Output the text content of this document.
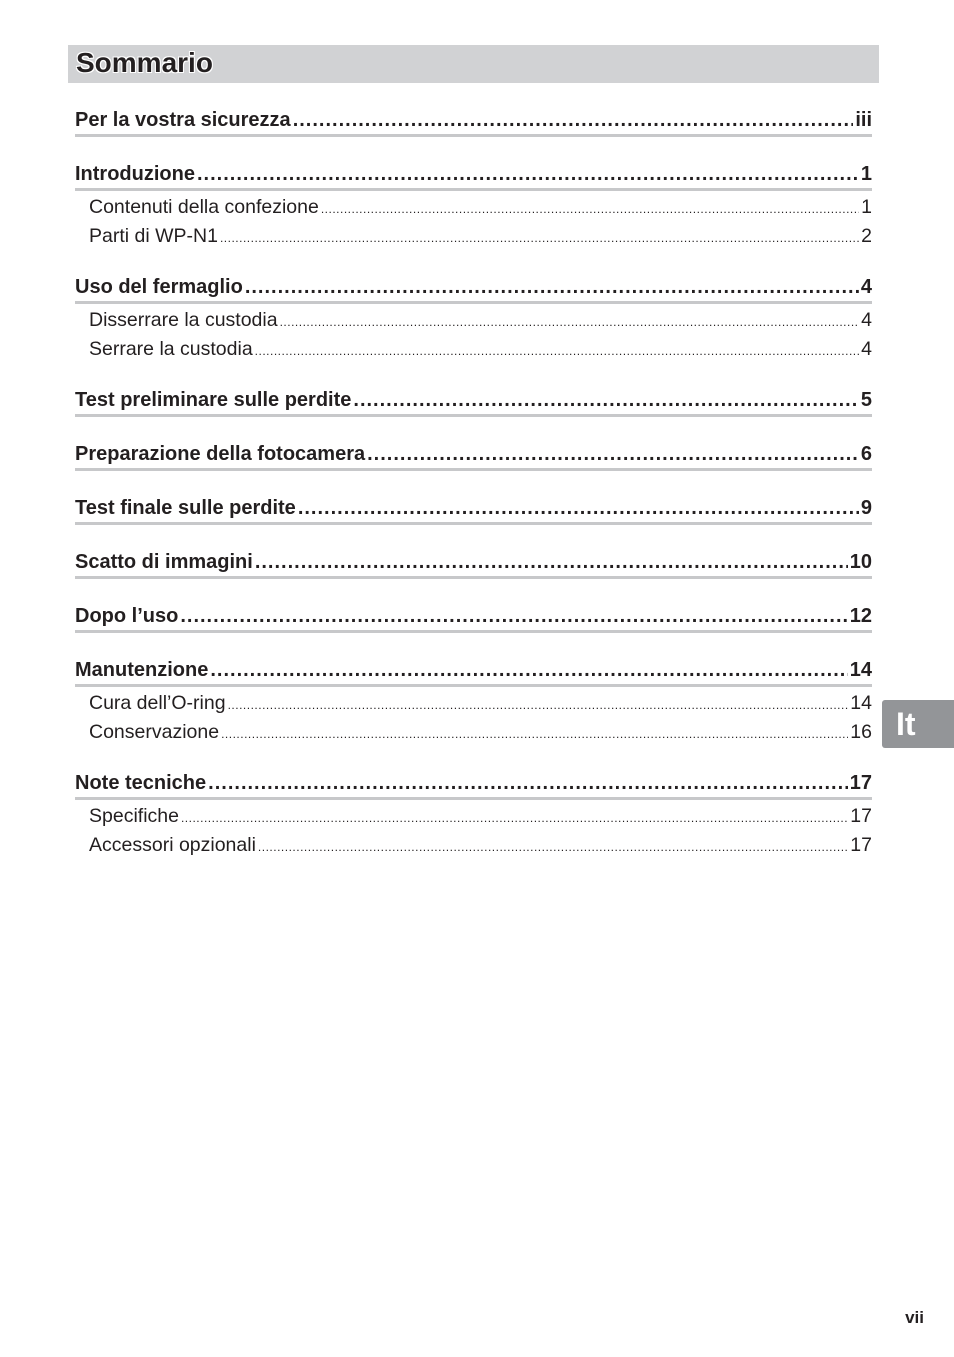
Sommario
Per la vostra sicurezza .....	iii
Introduzione .....	1
Contenuti della confezione .....	1
Parti di WP-N1 .....	2
Uso del fermaglio .....	4
Disserrare la custodia .....	4
Serrare la custodia .....	4
Test preliminare sulle perdite .....	5
Preparazione della fotocamera .....	6
Test finale sulle perdite .....	9
Scatto di immagini .....	10
Dopo l’uso .....	12
Manutenzione .....	14
Cura dell’O-ring .....	14
Conservazione .....	16
Note tecniche .....	17
Specifiche .....	17
Accessori opzionali .....	17
It
vii
